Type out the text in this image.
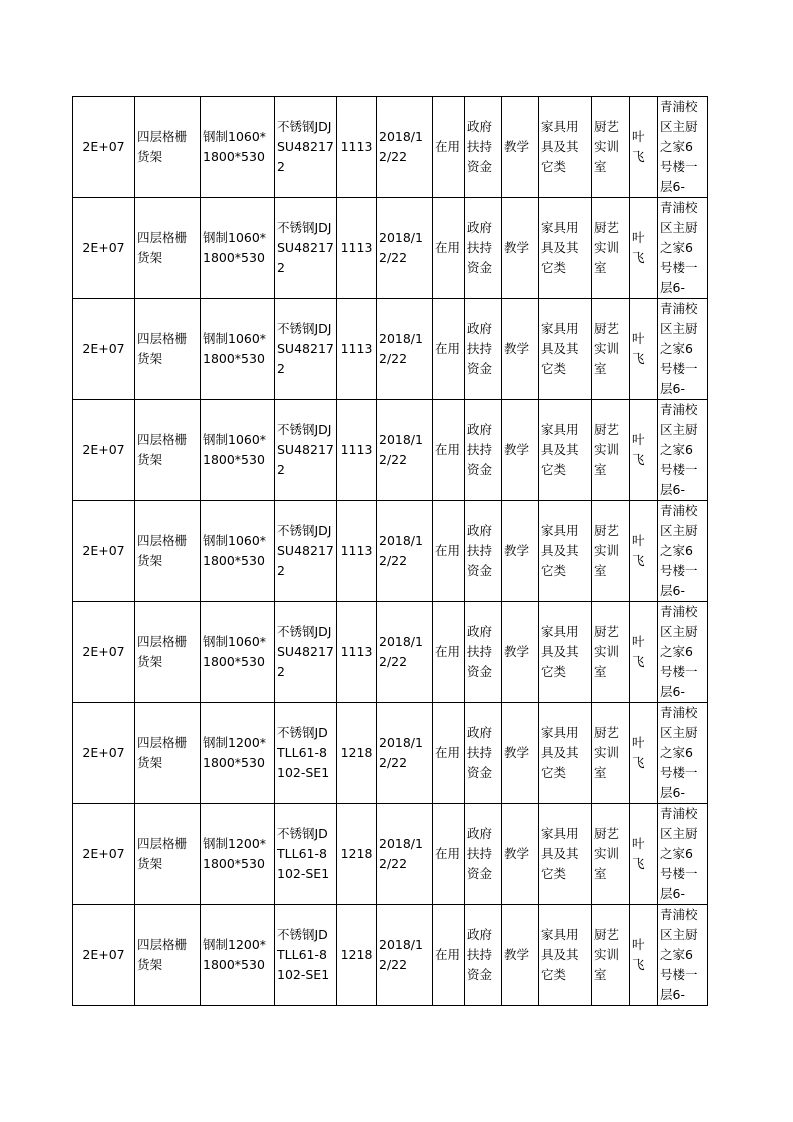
2E+07	四层格栅货架	钢制1060*1800*530	不锈钢JDJSU482172	1113	2018/12/22	在用	政府扶持资金	教学	家具用具及其它类	厨艺实训室	叶飞	青浦校区主厨之家6号楼一层6-
2E+07	四层格栅货架	钢制1060*1800*530	不锈钢JDJSU482172	1113	2018/12/22	在用	政府扶持资金	教学	家具用具及其它类	厨艺实训室	叶飞	青浦校区主厨之家6号楼一层6-
2E+07	四层格栅货架	钢制1060*1800*530	不锈钢JDJSU482172	1113	2018/12/22	在用	政府扶持资金	教学	家具用具及其它类	厨艺实训室	叶飞	青浦校区主厨之家6号楼一层6-
2E+07	四层格栅货架	钢制1060*1800*530	不锈钢JDJSU482172	1113	2018/12/22	在用	政府扶持资金	教学	家具用具及其它类	厨艺实训室	叶飞	青浦校区主厨之家6号楼一层6-
2E+07	四层格栅货架	钢制1060*1800*530	不锈钢JDJSU482172	1113	2018/12/22	在用	政府扶持资金	教学	家具用具及其它类	厨艺实训室	叶飞	青浦校区主厨之家6号楼一层6-
2E+07	四层格栅货架	钢制1060*1800*530	不锈钢JDJSU482172	1113	2018/12/22	在用	政府扶持资金	教学	家具用具及其它类	厨艺实训室	叶飞	青浦校区主厨之家6号楼一层6-
2E+07	四层格栅货架	钢制1200*1800*530	不锈钢JDTLL61-8102-SE1	1218	2018/12/22	在用	政府扶持资金	教学	家具用具及其它类	厨艺实训室	叶飞	青浦校区主厨之家6号楼一层6-
2E+07	四层格栅货架	钢制1200*1800*530	不锈钢JDTLL61-8102-SE1	1218	2018/12/22	在用	政府扶持资金	教学	家具用具及其它类	厨艺实训室	叶飞	青浦校区主厨之家6号楼一层6-
2E+07	四层格栅货架	钢制1200*1800*530	不锈钢JDTLL61-8102-SE1	1218	2018/12/22	在用	政府扶持资金	教学	家具用具及其它类	厨艺实训室	叶飞	青浦校区主厨之家6号楼一层6-
